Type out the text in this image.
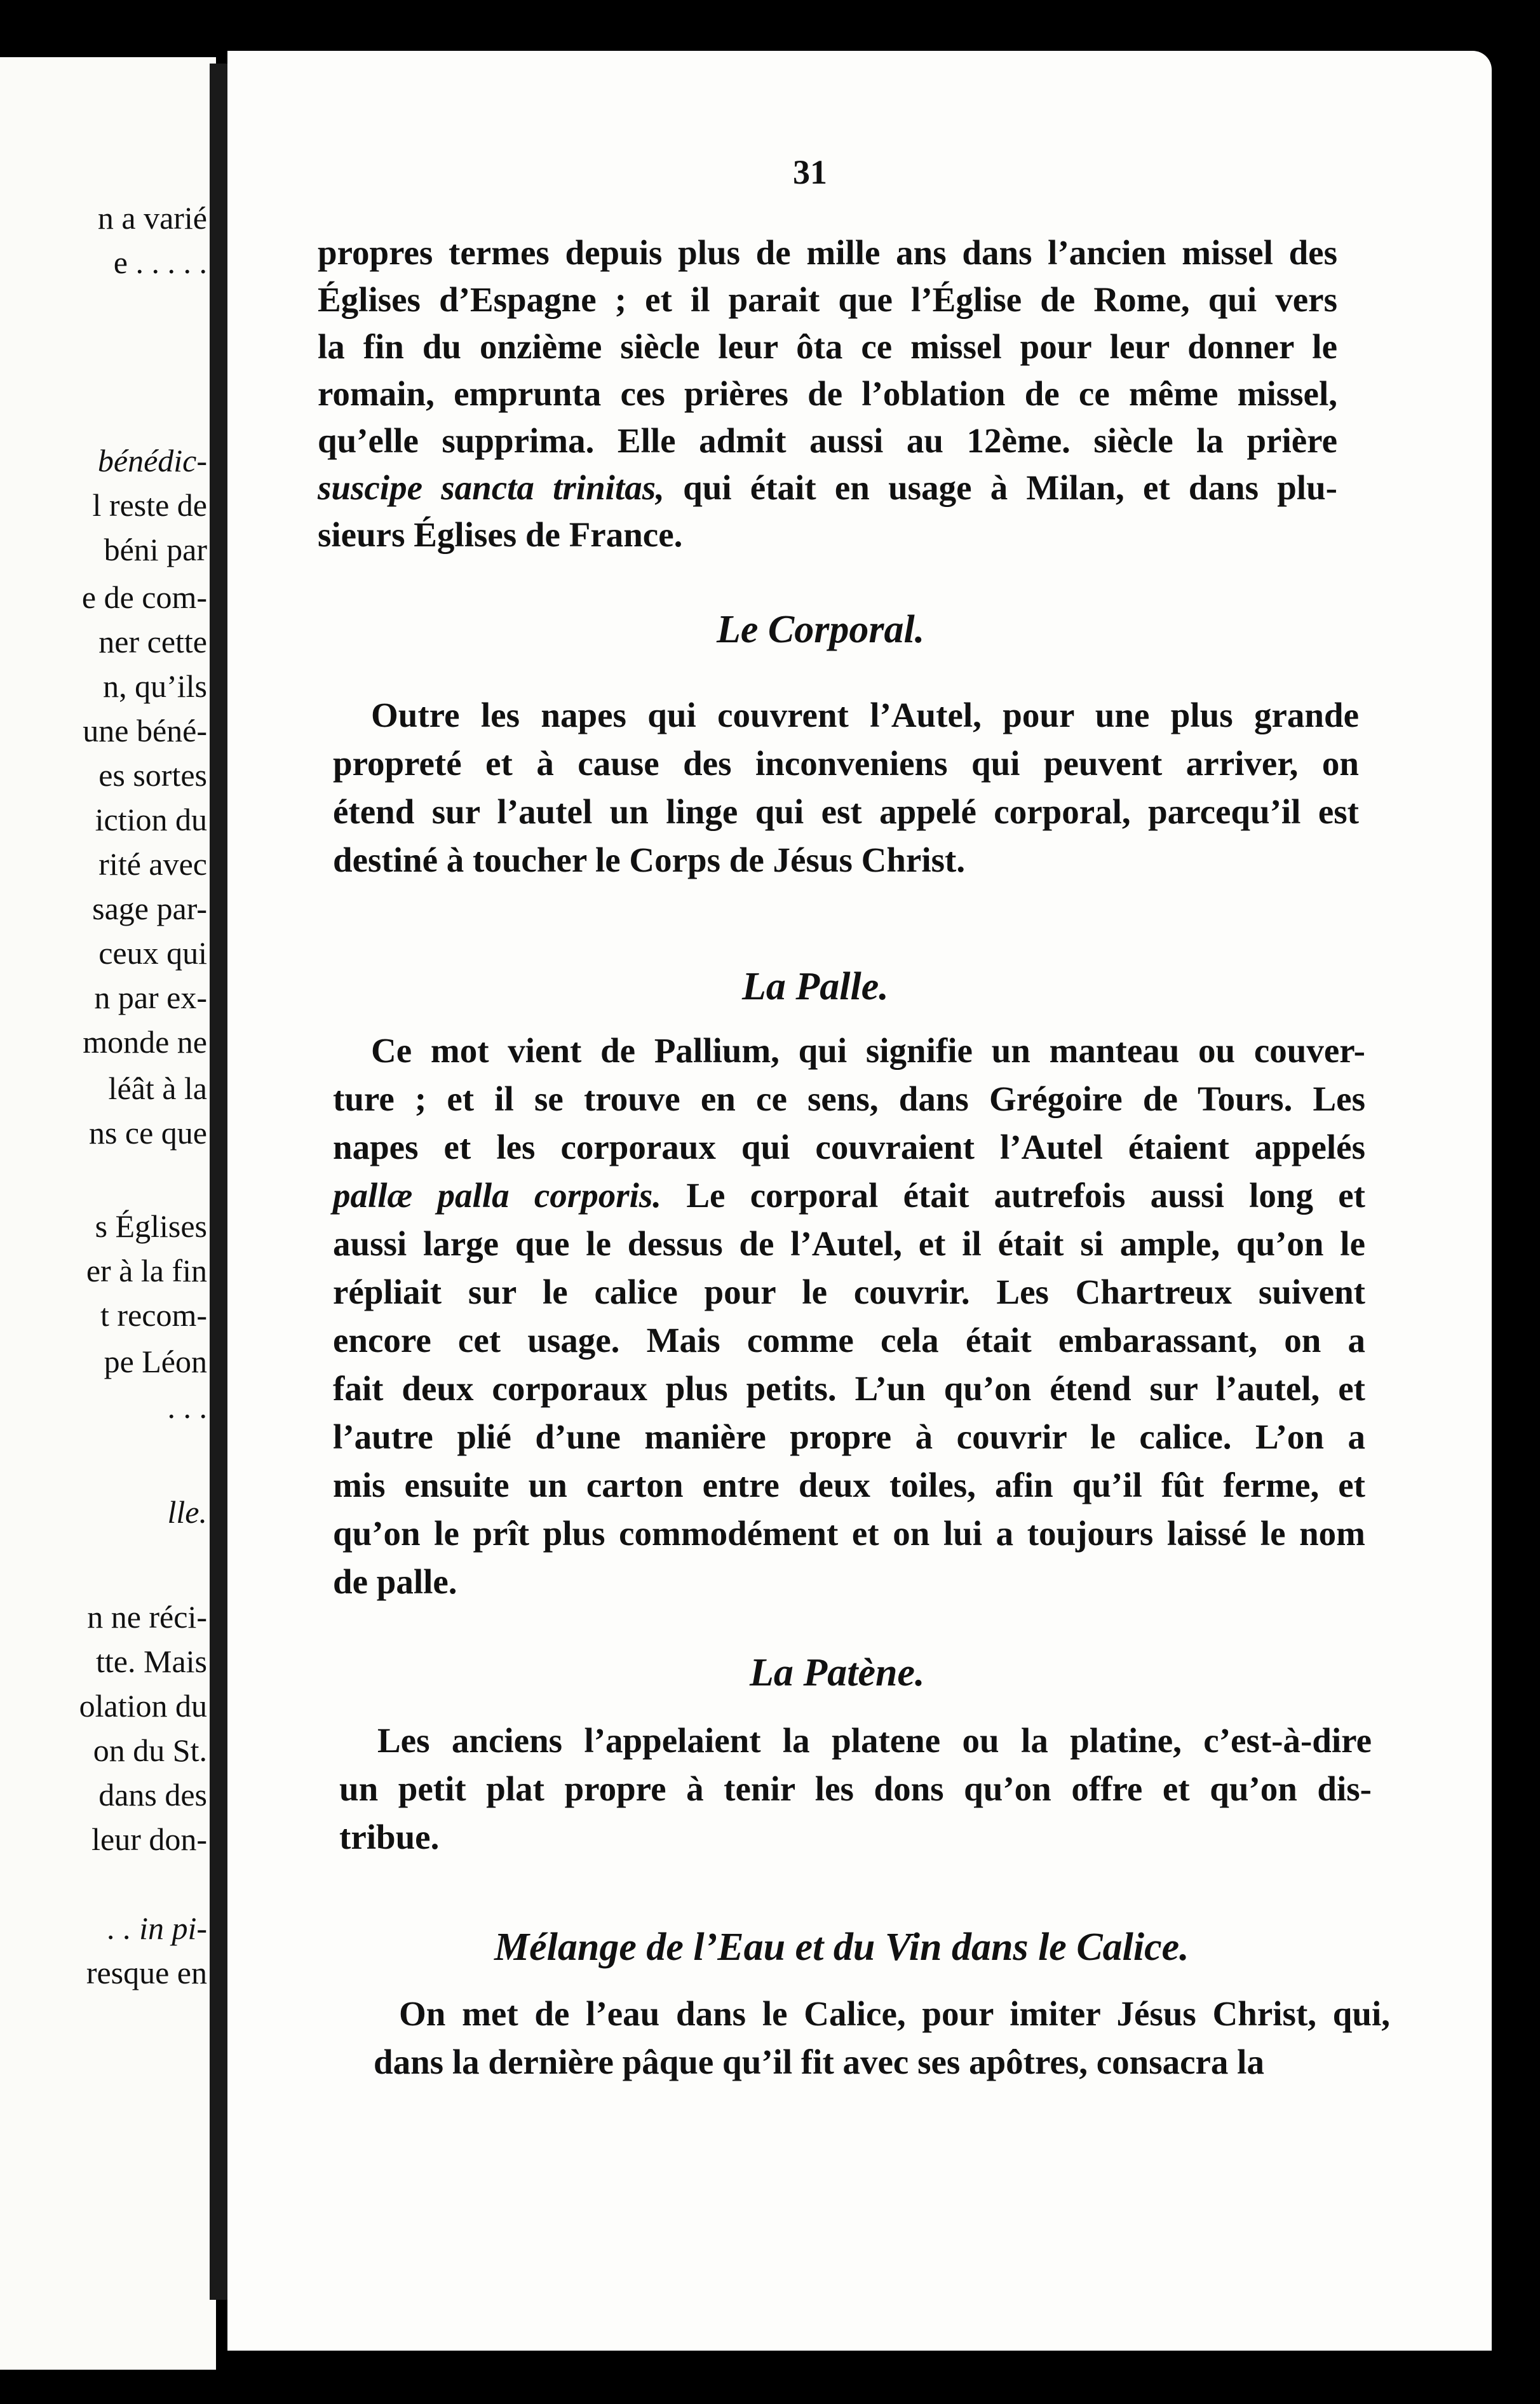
n a varié
e . . . . .
bénédic-
l reste de
béni par
e de com-
ner cette
n, qu’ils
une béné-
es sortes
iction du
rité avec
sage par-
ceux qui
n par ex-
monde ne
léât à la
ns ce que
s Églises
er à la fin
t recom-
pe Léon
. . .
lle.
n ne réci-
tte. Mais
olation du
on du St.
dans des
leur don-
. . in pi-
resque en
31
propres termes depuis plus de mille ans dans l’ancien missel des
Églises d’Espagne ; et il parait que l’Église de Rome, qui vers
la fin du onzième siècle leur ôta ce missel pour leur donner le
romain, emprunta ces prières de l’oblation de ce même missel,
qu’elle supprima. Elle admit aussi au 12ème. siècle la prière
suscipe sancta trinitas, qui était en usage à Milan, et dans plu-
sieurs Églises de France.
Le Corporal.
Outre les napes qui couvrent l’Autel, pour une plus grande
propreté et à cause des inconveniens qui peuvent arriver, on
étend sur l’autel un linge qui est appelé corporal, parcequ’il est
destiné à toucher le Corps de Jésus Christ.
La Palle.
Ce mot vient de Pallium, qui signifie un manteau ou couver-
ture ; et il se trouve en ce sens, dans Grégoire de Tours. Les
napes et les corporaux qui couvraient l’Autel étaient appelés
pallæ palla corporis. Le corporal était autrefois aussi long et
aussi large que le dessus de l’Autel, et il était si ample, qu’on le
répliait sur le calice pour le couvrir. Les Chartreux suivent
encore cet usage. Mais comme cela était embarassant, on a
fait deux corporaux plus petits. L’un qu’on étend sur l’autel, et
l’autre plié d’une manière propre à couvrir le calice. L’on a
mis ensuite un carton entre deux toiles, afin qu’il fût ferme, et
qu’on le prît plus commodément et on lui a toujours laissé le nom
de palle.
La Patène.
Les anciens l’appelaient la platene ou la platine, c’est-à-dire
un petit plat propre à tenir les dons qu’on offre et qu’on dis-
tribue.
Mélange de l’Eau et du Vin dans le Calice.
On met de l’eau dans le Calice, pour imiter Jésus Christ, qui,
dans la dernière pâque qu’il fit avec ses apôtres, consacra la
